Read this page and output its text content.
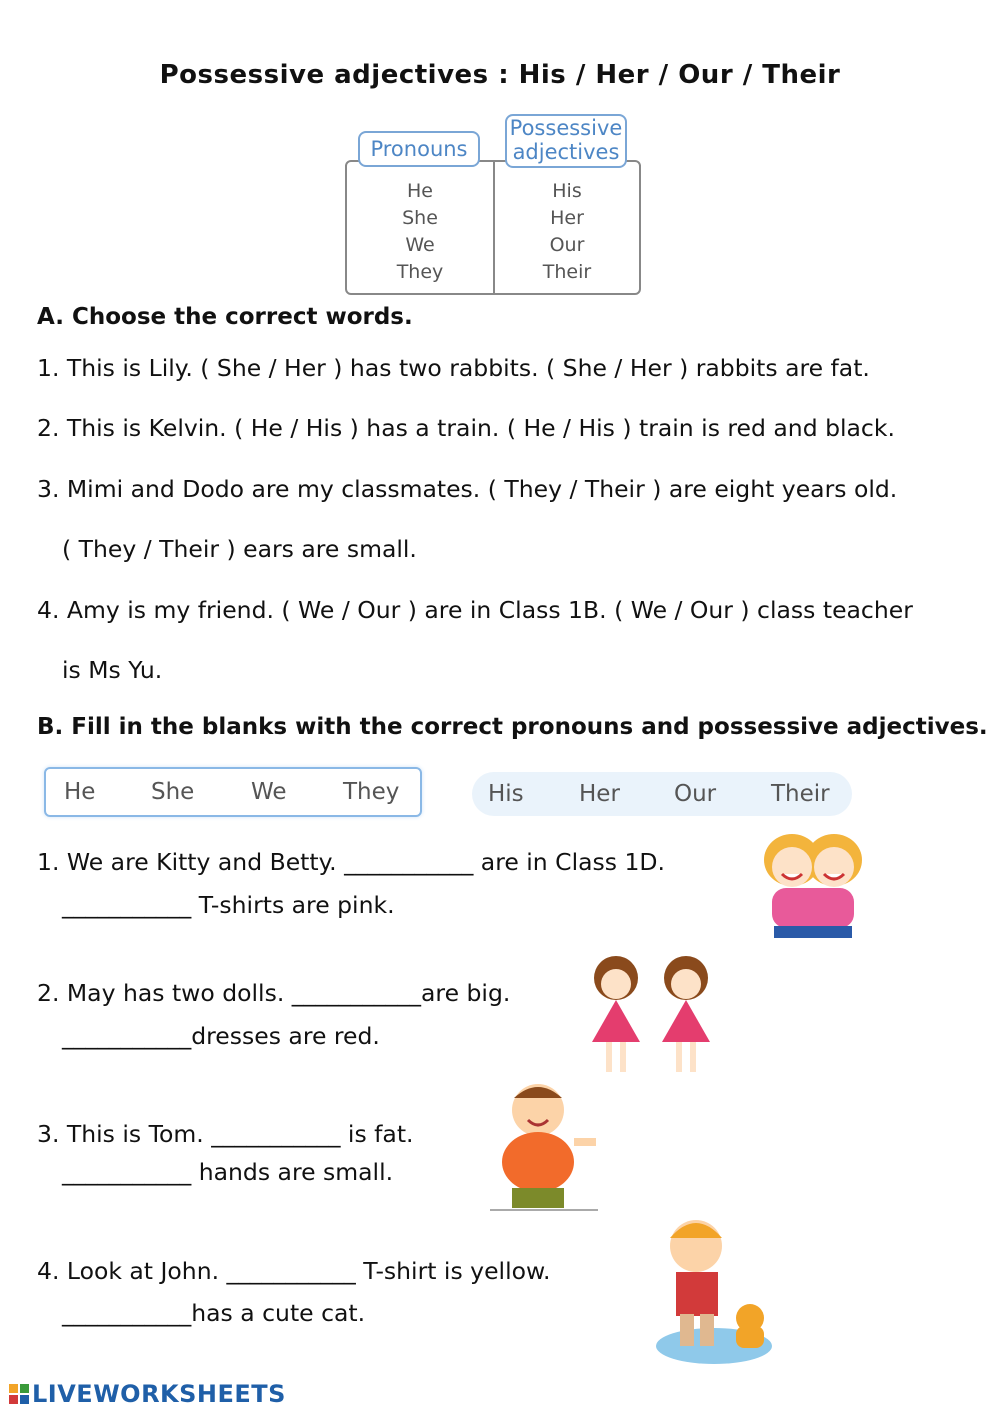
Possessive adjectives : His / Her / Our / Their
Pronouns
Possessive
adjectives
He
She
We
They
His
Her
Our
Their
A. Choose the correct words.
1. This is Lily. ( She / Her ) has two rabbits. ( She / Her ) rabbits are fat.
2. This is Kelvin. ( He / His ) has a train. ( He / His ) train is red and black.
3. Mimi and Dodo are my classmates. ( They / Their ) are eight years old.
( They / Their ) ears are small.
4. Amy is my friend. ( We / Our ) are in Class 1B. ( We / Our ) class teacher
is Ms Yu.
B. Fill in the blanks with the correct pronouns and possessive adjectives.
He She We They	His Her Our Their
1. We are Kitty and Betty. ___________ are in Class 1D.
___________ T-shirts are pink.
2. May has two dolls. ___________are big.
___________dresses are red.
3. This is Tom. ___________ is fat.
___________ hands are small.
4. Look at John. ___________ T-shirt is yellow.
___________has a cute cat.
LIVEWORKSHEETS
